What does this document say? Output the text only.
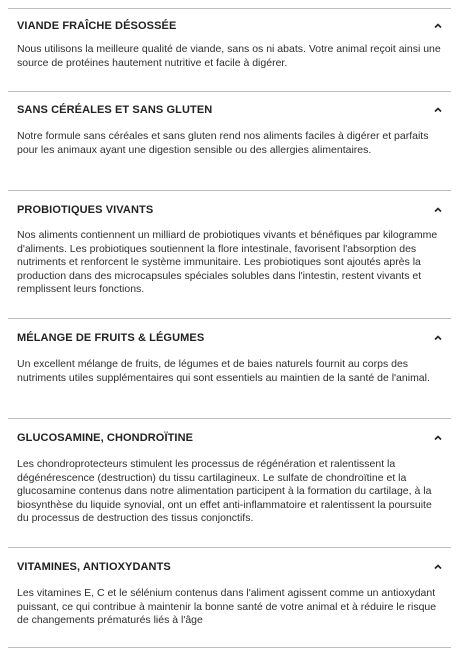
VIANDE FRAÎCHE DÉSOSSÉE

Nous utilisons la meilleure qualité de viande, sans os ni abats. Votre animal reçoit ainsi une source de protéines hautement nutritive et facile à digérer.

SANS CÉRÉALES ET SANS GLUTEN

Notre formule sans céréales et sans gluten rend nos aliments faciles à digérer et parfaits pour les animaux ayant une digestion sensible ou des allergies alimentaires.

PROBIOTIQUES VIVANTS

Nos aliments contiennent un milliard de probiotiques vivants et bénéfiques par kilogramme d'aliments. Les probiotiques soutiennent la flore intestinale, favorisent l'absorption des nutriments et renforcent le système immunitaire. Les probiotiques sont ajoutés après la production dans des microcapsules spéciales solubles dans l'intestin, restent vivants et remplissent leurs fonctions.

MÉLANGE DE FRUITS & LÉGUMES

Un excellent mélange de fruits, de légumes et de baies naturels fournit au corps des nutriments utiles supplémentaires qui sont essentiels au maintien de la santé de l'animal.

GLUCOSAMINE, CHONDROÏTINE

Les chondroprotecteurs stimulent les processus de régénération et ralentissent la dégénérescence (destruction) du tissu cartilagineux. Le sulfate de chondroïtine et la glucosamine contenus dans notre alimentation participent à la formation du cartilage, à la biosynthèse du liquide synovial, ont un effet anti-inflammatoire et ralentissent la poursuite du processus de destruction des tissus conjonctifs.

VITAMINES, ANTIOXYDANTS

Les vitamines E, C et le sélénium contenus dans l'aliment agissent comme un antioxydant puissant, ce qui contribue à maintenir la bonne santé de votre animal et à réduire le risque de changements prématurés liés à l'âge
